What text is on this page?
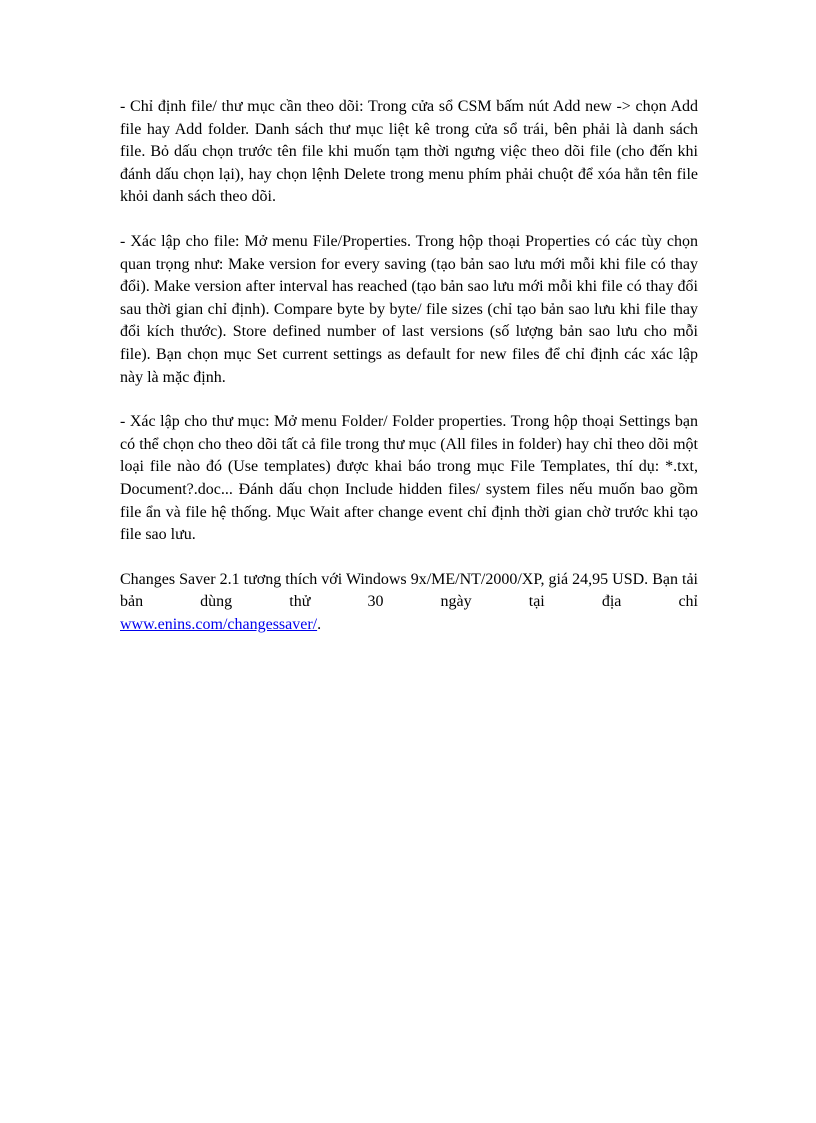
- Chỉ định file/ thư mục cần theo dõi: Trong cửa sổ CSM bấm nút Add new -> chọn Add file hay Add folder. Danh sách thư mục liệt kê trong cửa sổ trái, bên phải là danh sách file. Bỏ dấu chọn trước tên file khi muốn tạm thời ngưng việc theo dõi file (cho đến khi đánh dấu chọn lại), hay chọn lệnh Delete trong menu phím phải chuột để xóa hẳn tên file khỏi danh sách theo dõi.

- Xác lập cho file: Mở menu File/Properties. Trong hộp thoại Properties có các tùy chọn quan trọng như: Make version for every saving (tạo bản sao lưu mới mỗi khi file có thay đổi). Make version after interval has reached (tạo bản sao lưu mới mỗi khi file có thay đổi sau thời gian chỉ định). Compare byte by byte/ file sizes (chỉ tạo bản sao lưu khi file thay đổi kích thước). Store defined number of last versions (số lượng bản sao lưu cho mỗi file). Bạn chọn mục Set current settings as default for new files để chỉ định các xác lập này là mặc định.

- Xác lập cho thư mục: Mở menu Folder/ Folder properties. Trong hộp thoại Settings bạn có thể chọn cho theo dõi tất cả file trong thư mục (All files in folder) hay chỉ theo dõi một loại file nào đó (Use templates) được khai báo trong mục File Templates, thí dụ: *.txt, Document?.doc... Đánh dấu chọn Include hidden files/ system files nếu muốn bao gồm file ẩn và file hệ thống. Mục Wait after change event chỉ định thời gian chờ trước khi tạo file sao lưu.

Changes Saver 2.1 tương thích với Windows 9x/ME/NT/2000/XP, giá 24,95 USD. Bạn tải bản dùng thử 30 ngày tại địa chỉ

www.enins.com/changessaver/.
